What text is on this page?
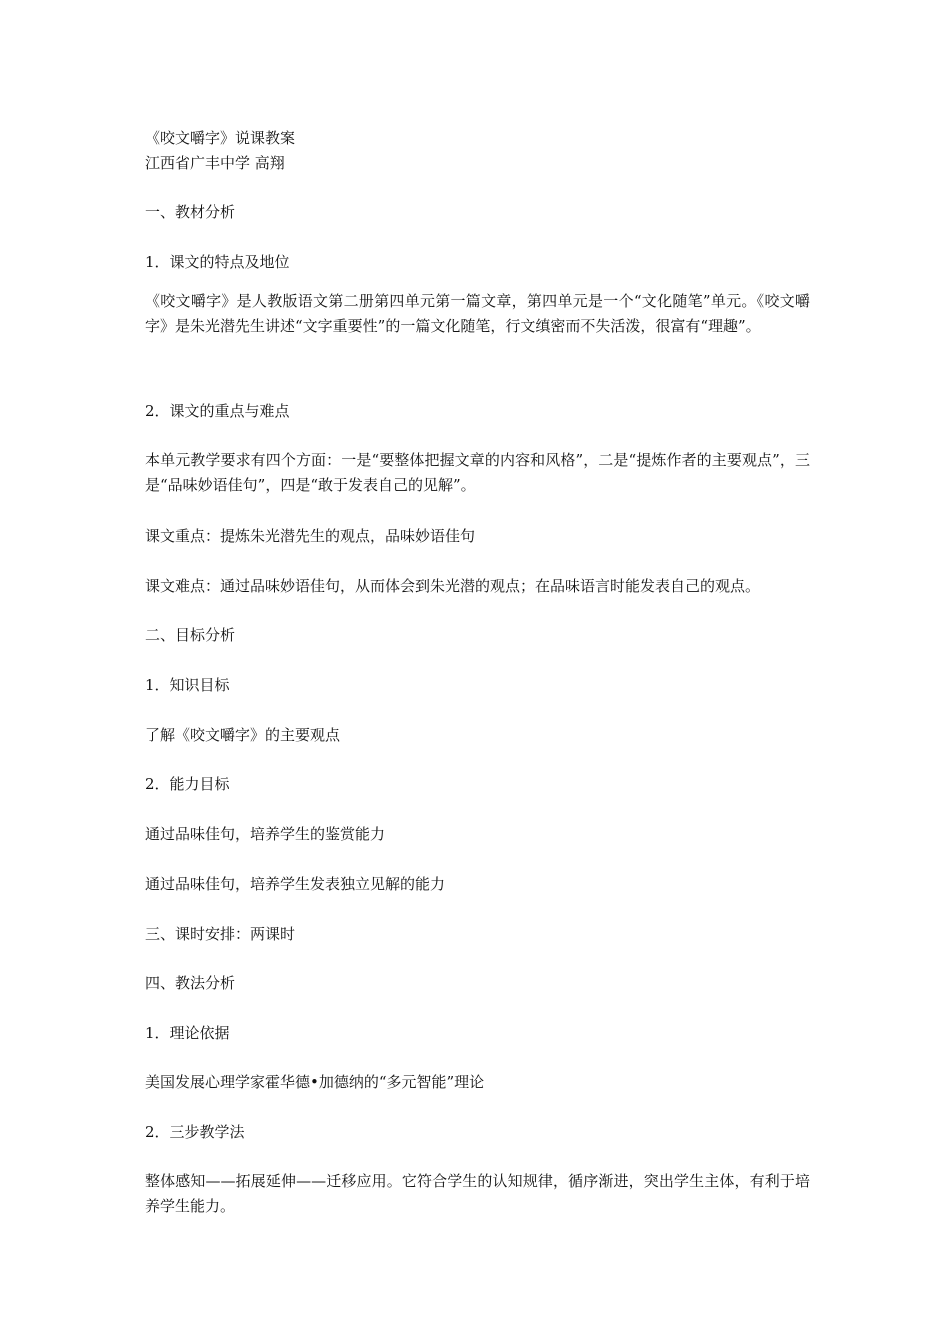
《咬文嚼字》说课教案
江西省广丰中学 高翔
一、教材分析
1．课文的特点及地位
《咬文嚼字》是人教版语文第二册第四单元第一篇文章，第四单元是一个“文化随笔”单元。《咬文嚼字》是朱光潜先生讲述“文字重要性”的一篇文化随笔，行文缜密而不失活泼，很富有“理趣”。
2．课文的重点与难点
本单元教学要求有四个方面：一是“要整体把握文章的内容和风格”，二是“提炼作者的主要观点”，三是“品味妙语佳句”，四是“敢于发表自己的见解”。
课文重点：提炼朱光潜先生的观点，品味妙语佳句
课文难点：通过品味妙语佳句，从而体会到朱光潜的观点；在品味语言时能发表自己的观点。
二、目标分析
1．知识目标
了解《咬文嚼字》的主要观点
2．能力目标
通过品味佳句，培养学生的鉴赏能力
通过品味佳句，培养学生发表独立见解的能力
三、课时安排：两课时
四、教法分析
1．理论依据
美国发展心理学家霍华德•加德纳的“多元智能”理论
2．三步教学法
整体感知——拓展延伸——迁移应用。它符合学生的认知规律，循序渐进，突出学生主体，有利于培养学生能力。
